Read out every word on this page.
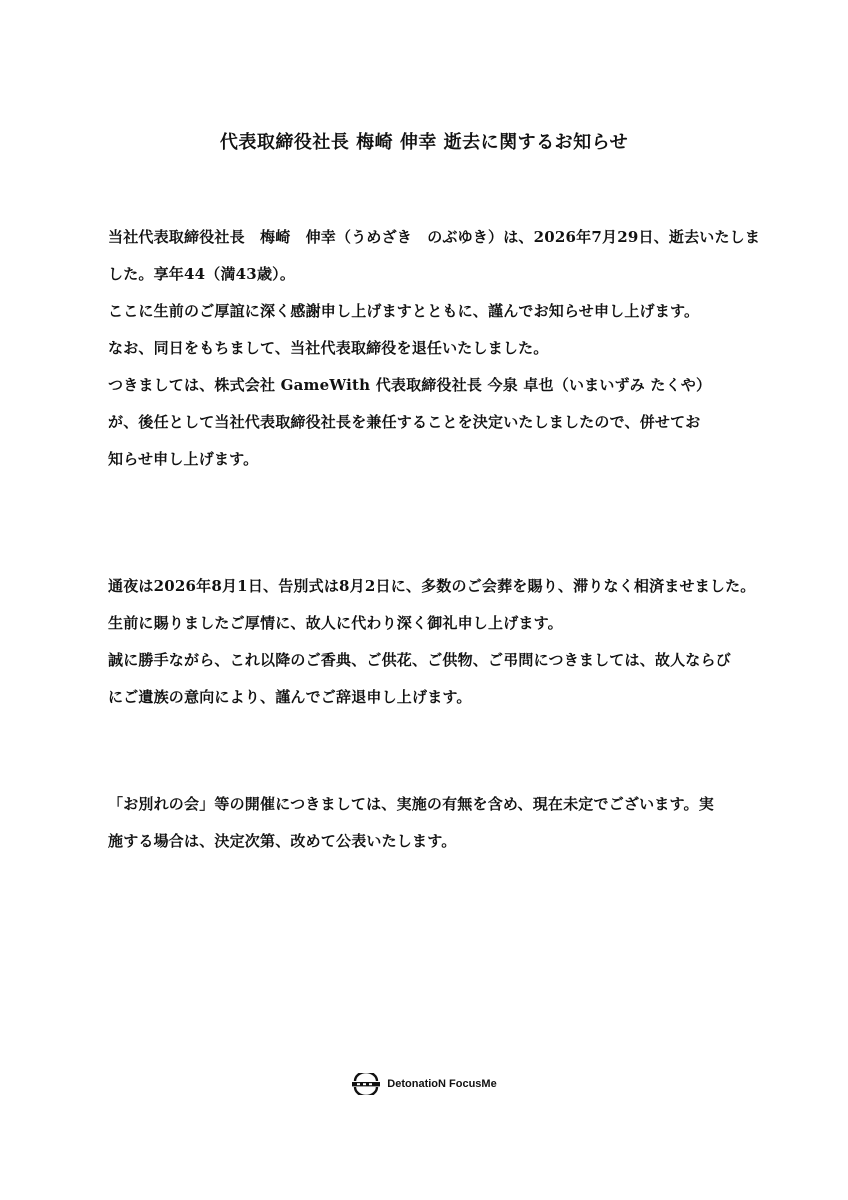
代表取締役社長 梅崎 伸幸 逝去に関するお知らせ
当社代表取締役社長　梅崎　伸幸（うめざき　のぶゆき）は、2026年7月29日、逝去いたしま
した。享年44（満43歳）。
ここに生前のご厚誼に深く感謝申し上げますとともに、謹んでお知らせ申し上げます。
なお、同日をもちまして、当社代表取締役を退任いたしました。
つきましては、株式会社 GameWith 代表取締役社長 今泉 卓也（いまいずみ たくや）
が、後任として当社代表取締役社長を兼任することを決定いたしましたので、併せてお
知らせ申し上げます。
通夜は2026年8月1日、告別式は8月2日に、多数のご会葬を賜り、滞りなく相済ませました。
生前に賜りましたご厚情に、故人に代わり深く御礼申し上げます。
誠に勝手ながら、これ以降のご香典、ご供花、ご供物、ご弔問につきましては、故人ならび
にご遺族の意向により、謹んでご辞退申し上げます。
「お別れの会」等の開催につきましては、実施の有無を含め、現在未定でございます。実
施する場合は、決定次第、改めて公表いたします。
DetonatioN FocusMe
